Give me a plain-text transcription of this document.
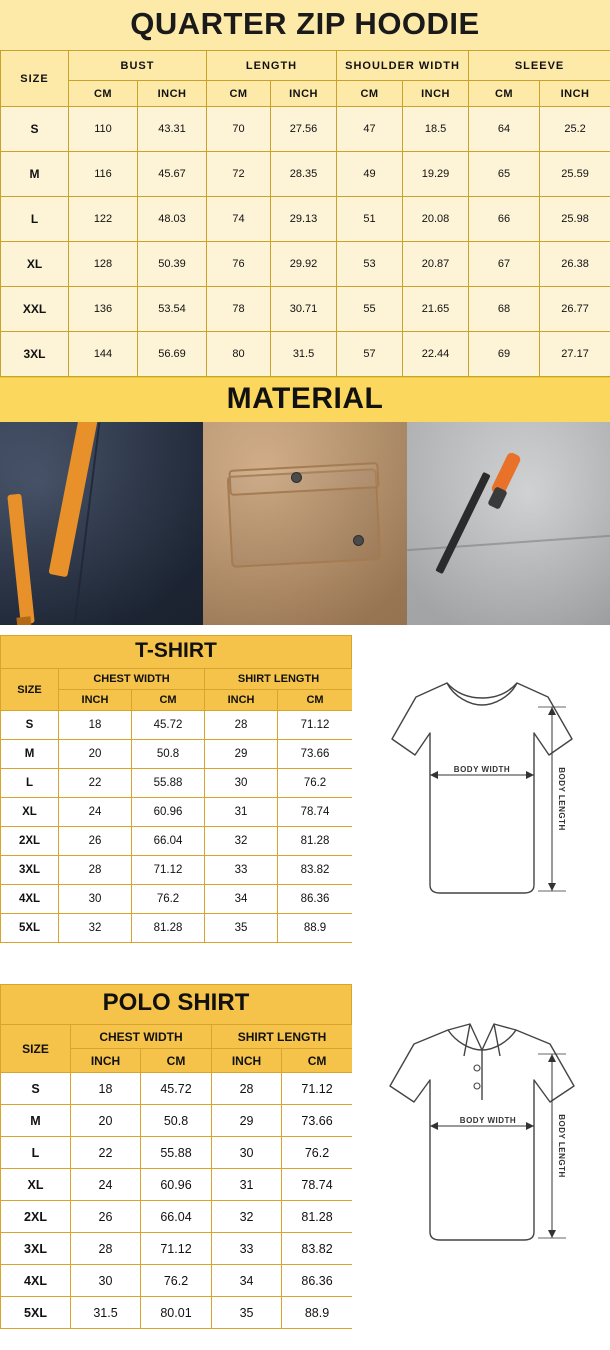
QUARTER ZIP HOODIE
SIZE	BUST		LENGTH		SHOULDER WIDTH		SLEEVE	
	CM	INCH	CM	INCH	CM	INCH	CM	INCH
S	110	43.31	70	27.56	47	18.5	64	25.2
M	116	45.67	72	28.35	49	19.29	65	25.59
L	122	48.03	74	29.13	51	20.08	66	25.98
XL	128	50.39	76	29.92	53	20.87	67	26.38
XXL	136	53.54	78	30.71	55	21.65	68	26.77
3XL	144	56.69	80	31.5	57	22.44	69	27.17
MATERIAL
T-SHIRT
SIZE	CHEST WIDTH		SHIRT LENGTH	
	INCH	CM	INCH	CM
S	18	45.72	28	71.12
M	20	50.8	29	73.66
L	22	55.88	30	76.2
XL	24	60.96	31	78.74
2XL	26	66.04	32	81.28
3XL	28	71.12	33	83.82
4XL	30	76.2	34	86.36
5XL	32	81.28	35	88.9
BODY WIDTH	BODY LENGTH
POLO SHIRT
SIZE	CHEST WIDTH		SHIRT LENGTH	
	INCH	CM	INCH	CM
S	18	45.72	28	71.12
M	20	50.8	29	73.66
L	22	55.88	30	76.2
XL	24	60.96	31	78.74
2XL	26	66.04	32	81.28
3XL	28	71.12	33	83.82
4XL	30	76.2	34	86.36
5XL	31.5	80.01	35	88.9
BODY WIDTH	BODY LENGTH
